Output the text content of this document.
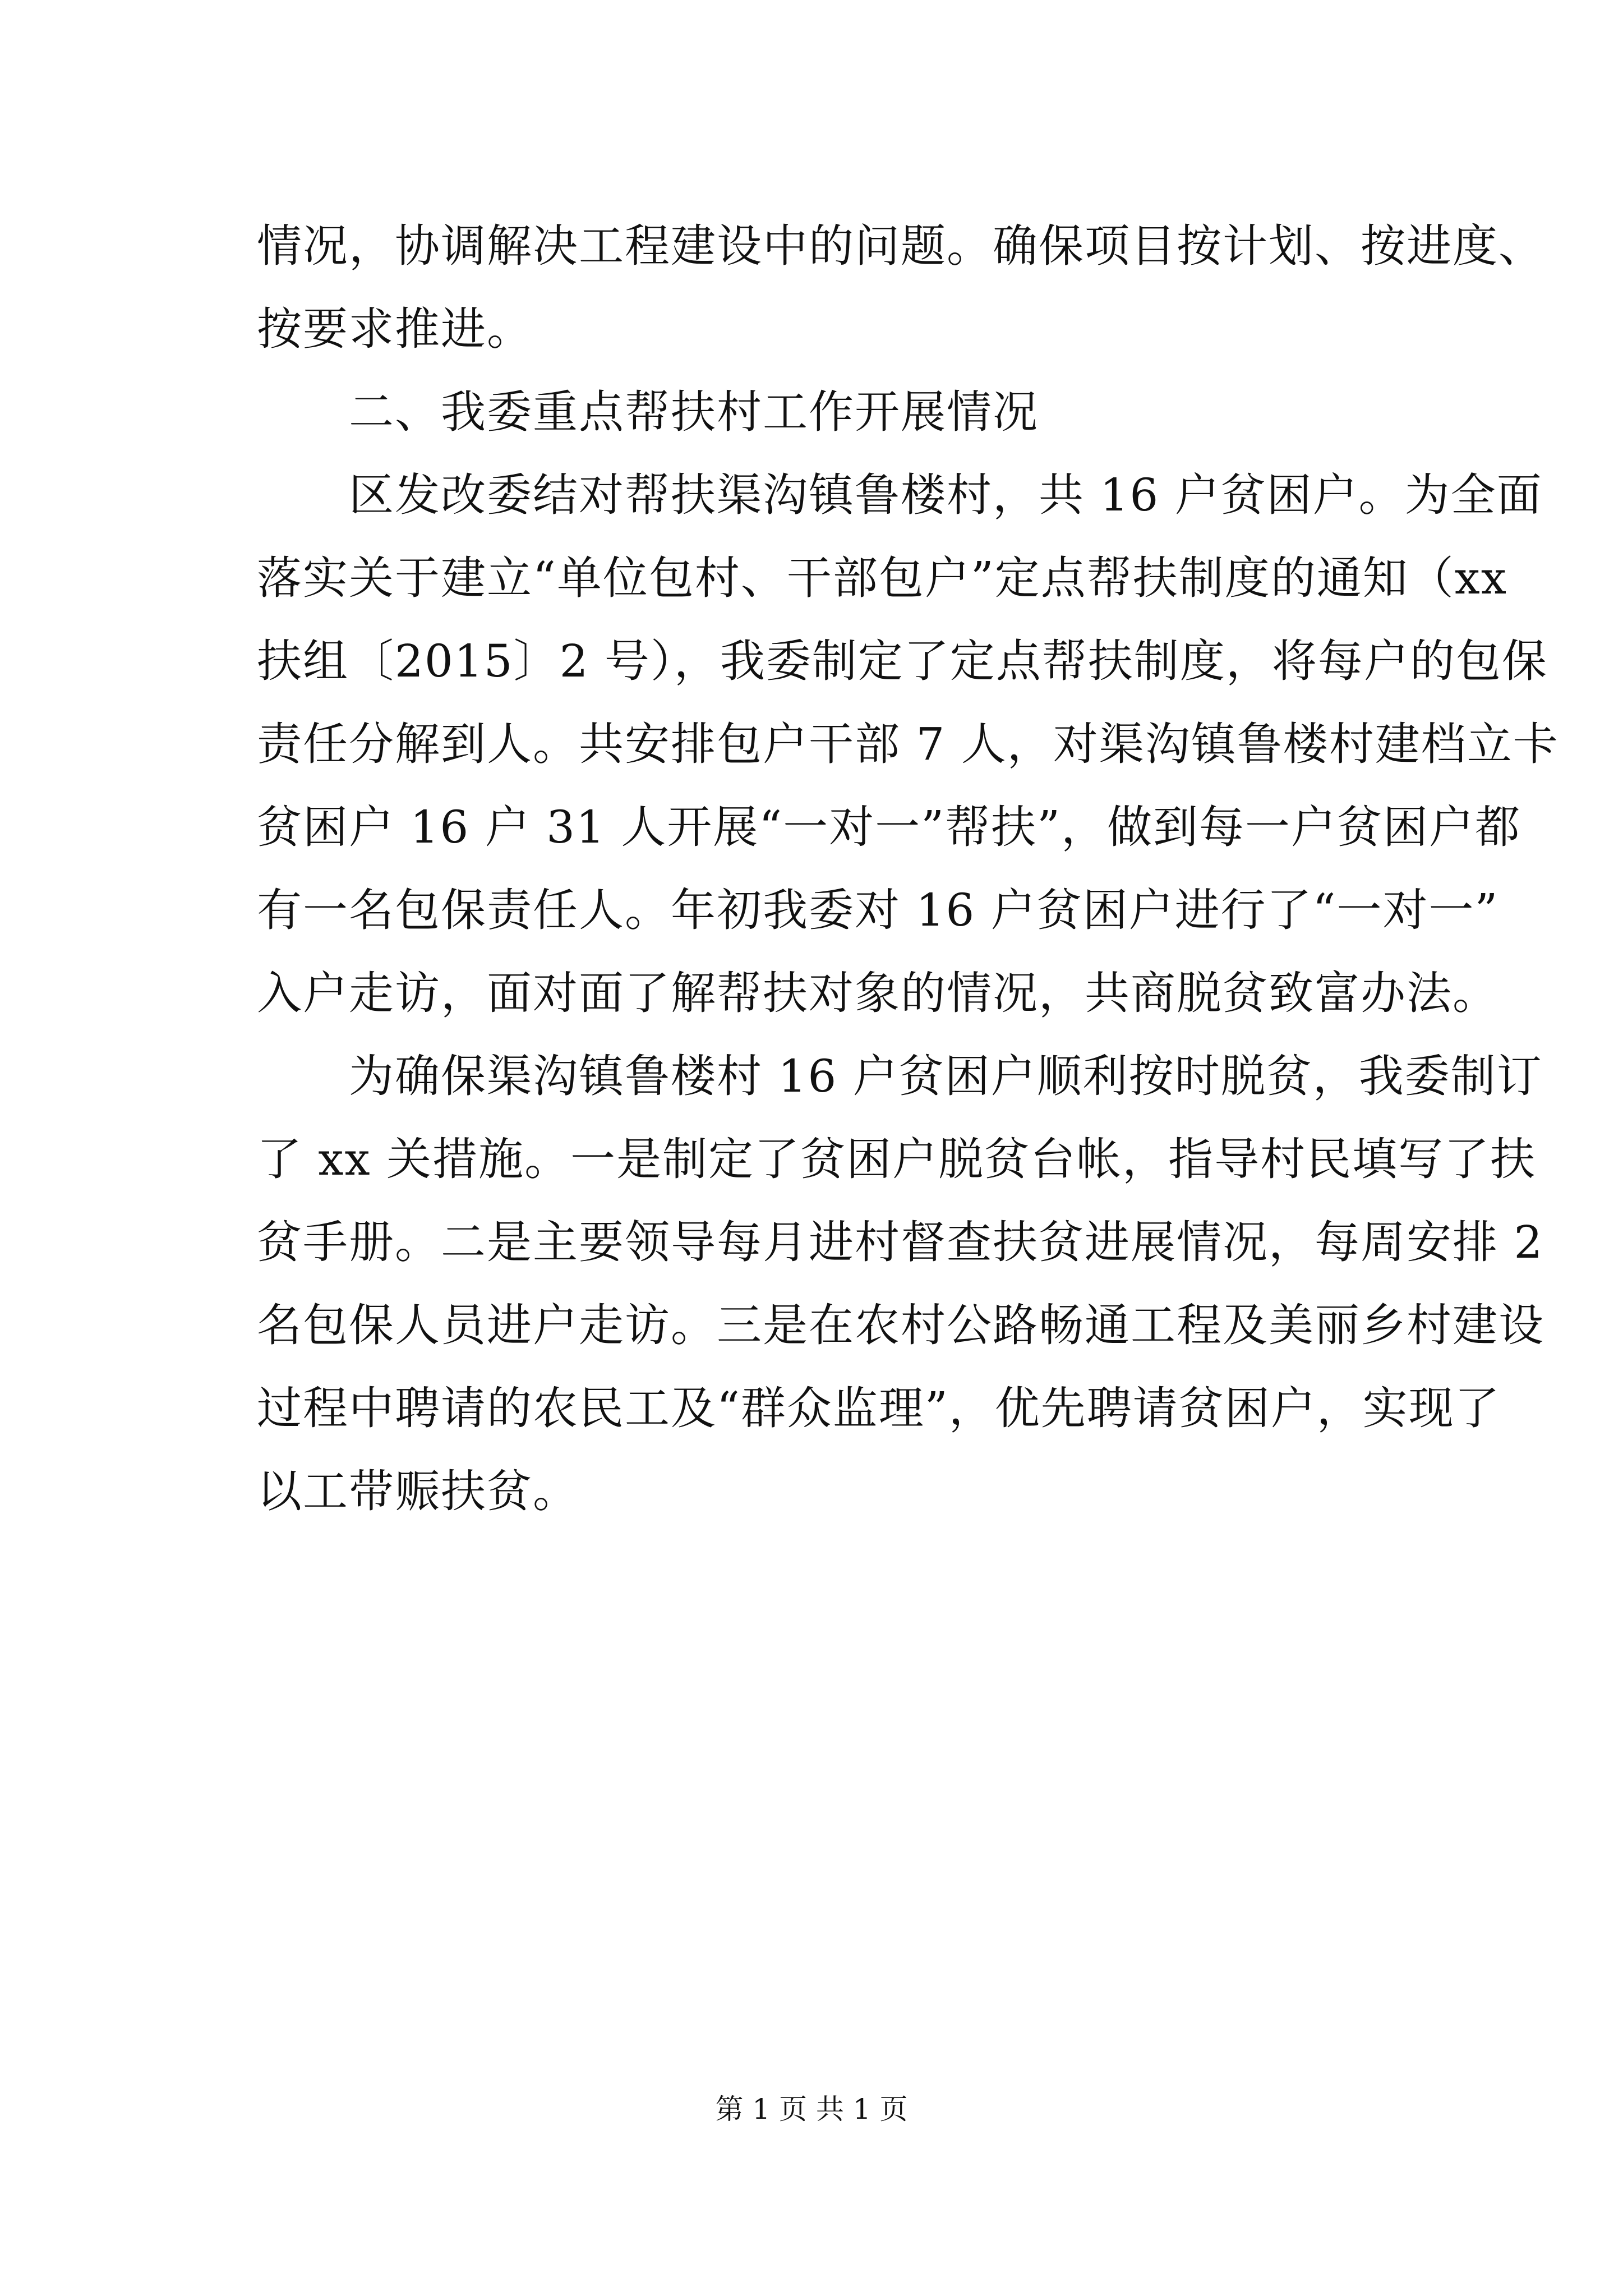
情况，协调解决工程建设中的问题。确保项目按计划、按进度、
按要求推进。
二、我委重点帮扶村工作开展情况
区发改委结对帮扶渠沟镇鲁楼村，共 16 户贫困户。为全面
落实关于建立“单位包村、干部包户”定点帮扶制度的通知（xx
扶组〔2015〕2 号），我委制定了定点帮扶制度，将每户的包保
责任分解到人。共安排包户干部 7 人，对渠沟镇鲁楼村建档立卡
贫困户 16 户 31 人开展“一对一”帮扶”，做到每一户贫困户都
有一名包保责任人。年初我委对 16 户贫困户进行了“一对一”
入户走访，面对面了解帮扶对象的情况，共商脱贫致富办法。
为确保渠沟镇鲁楼村 16 户贫困户顺利按时脱贫，我委制订
了 xx 关措施。一是制定了贫困户脱贫台帐，指导村民填写了扶
贫手册。二是主要领导每月进村督查扶贫进展情况，每周安排 2
名包保人员进户走访。三是在农村公路畅通工程及美丽乡村建设
过程中聘请的农民工及“群众监理”，优先聘请贫困户，实现了
以工带赈扶贫。
第 1 页 共 1 页
